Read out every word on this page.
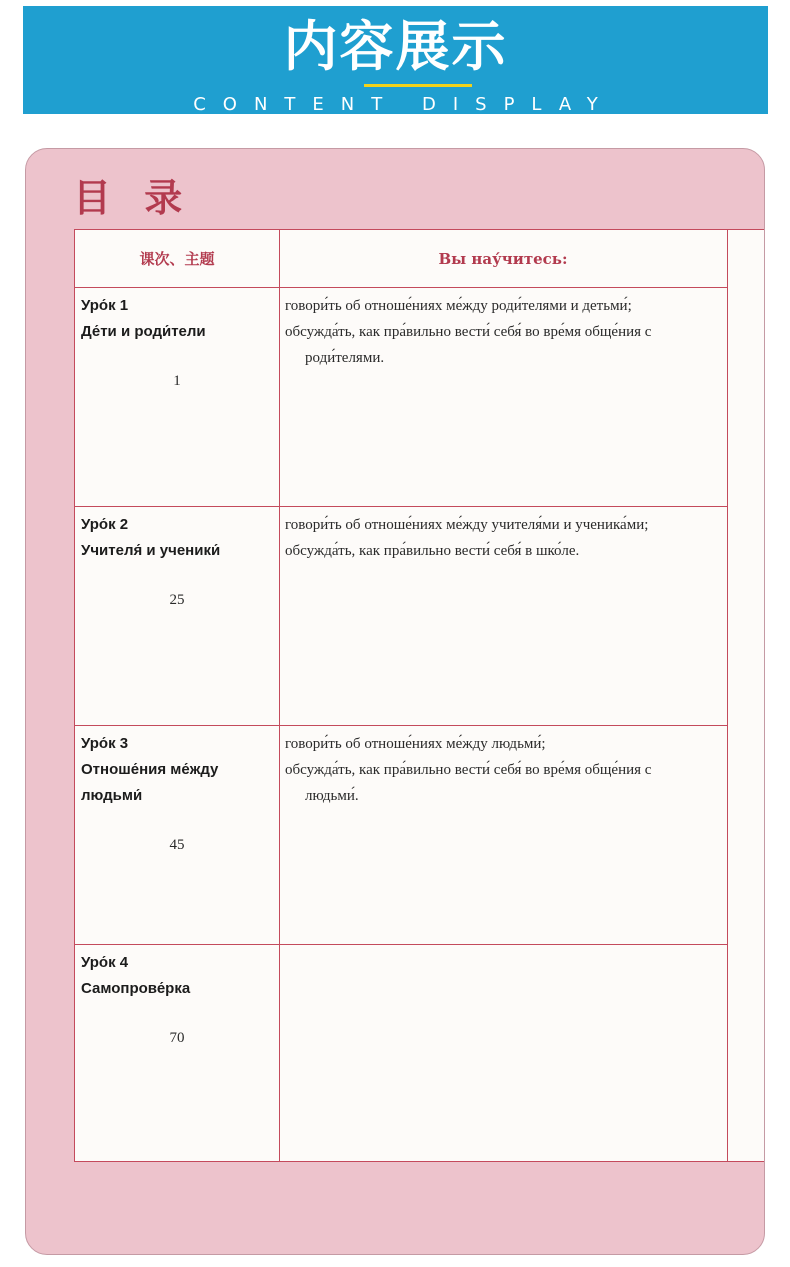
内容展示
CONTENT DISPLAY
目 录
课次、主题	Вы нау́читесь:
Уро́к 1
Де́ти и роди́тели
1
говори́ть об отноше́ниях ме́жду роди́телями и детьми́;
обсужда́ть, как пра́вильно вести́ себя́ во вре́мя обще́ния с
роди́телями.
Уро́к 2
Учителя́ и ученики́
25
говори́ть об отноше́ниях ме́жду учителя́ми и ученика́ми;
обсужда́ть, как пра́вильно вести́ себя́ в шко́ле.
Уро́к 3
Отноше́ния ме́жду
людьми́
45
говори́ть об отноше́ниях ме́жду людьми́;
обсужда́ть, как пра́вильно вести́ себя́ во вре́мя обще́ния с
людьми́.
Уро́к 4
Самопрове́рка
70
